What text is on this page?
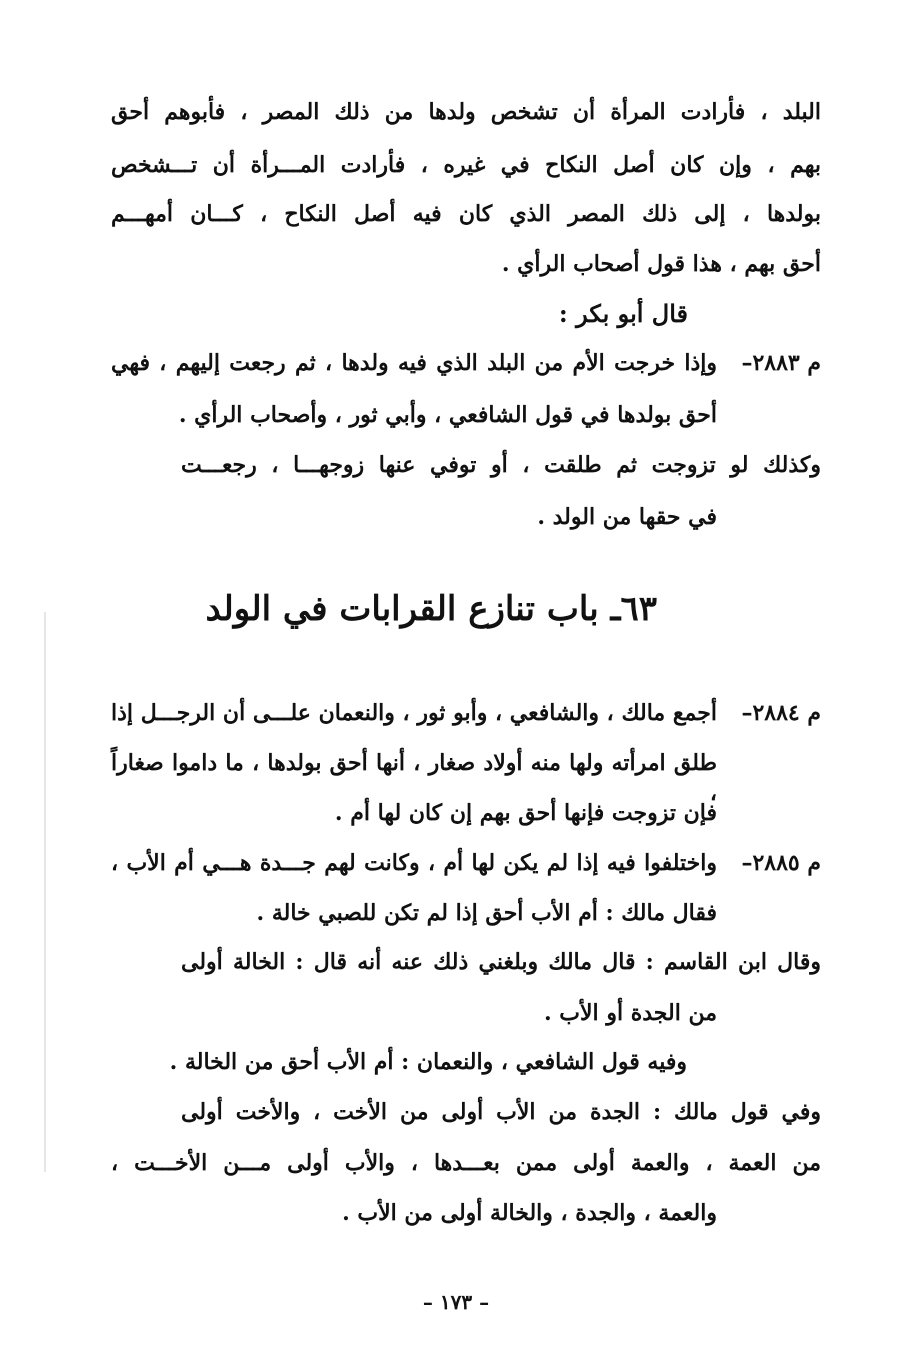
البلد ، فأرادت المرأة أن تشخص ولدها من ذلك المصر ، فأبوهم أحق
بهم ، وإن كان أصل النكاح في غيره ، فأرادت المـــرأة أن تـــشخص
بولدها ، إلى ذلك المصر الذي كان فيه أصل النكاح ، كـــان أمهـــم
أحق بهم ، هذا قول أصحاب الرأي .
قال أبو بكر :
م ٢٨٨٣–
وإذا خرجت الأم من البلد الذي فيه ولدها ، ثم رجعت إليهم ، فهي
أحق بولدها في قول الشافعي ، وأبي ثور ، وأصحاب الرأي .
وكذلك لو تزوجت ثم طلقت ، أو توفي عنها زوجهـــا ، رجعـــت
في حقها من الولد .
٦٣ـ باب تنازع القرابات في الولد
م ٢٨٨٤–
أجمع مالك ، والشافعي ، وأبو ثور ، والنعمان علـــى أن الرجـــل إذا
طلق امرأته ولها منه أولاد صغار ، أنها أحق بولدها ، ما داموا صغاراً ،
فإن تزوجت فإنها أحق بهم إن كان لها أم .
م ٢٨٨٥–
واختلفوا فيه إذا لم يكن لها أم ، وكانت لهم جـــدة هـــي أم الأب ،
فقال مالك : أم الأب أحق إذا لم تكن للصبي خالة .
وقال ابن القاسم : قال مالك وبلغني ذلك عنه أنه قال : الخالة أولى
من الجدة أو الأب .
وفيه قول الشافعي ، والنعمان : أم الأب أحق من الخالة .
وفي قول مالك : الجدة من الأب أولى من الأخت ، والأخت أولى
من العمة ، والعمة أولى ممن بعـــدها ، والأب أولى مـــن الأخـــت ،
والعمة ، والجدة ، والخالة أولى من الأب .
– ١٧٣ –
